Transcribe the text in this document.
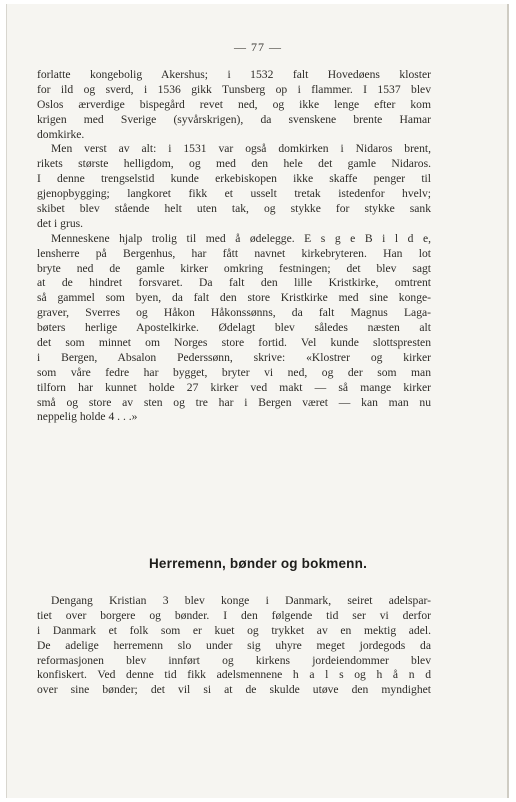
— 77 —
forlatte kongebolig Akershus; i 1532 falt Hovedøens kloster
for ild og sverd, i 1536 gikk Tunsberg op i flammer. I 1537 blev
Oslos ærverdige bispegård revet ned, og ikke lenge efter kom
krigen med Sverige (syvårskrigen), da svenskene brente Hamar
domkirke.
Men verst av alt: i 1531 var også domkirken i Nidaros brent,
rikets største helligdom, og med den hele det gamle Nidaros.
I denne trengselstid kunde erkebiskopen ikke skaffe penger til
gjenopbygging; langkoret fikk et usselt tretak istedenfor hvelv;
skibet blev stående helt uten tak, og stykke for stykke sank
det i grus.
Menneskene hjalp trolig til med å ødelegge. E s g e B i l d e,
lensherre på Bergenhus, har fått navnet kirkebryteren. Han lot
bryte ned de gamle kirker omkring festningen; det blev sagt
at de hindret forsvaret. Da falt den lille Kristkirke, omtrent
så gammel som byen, da falt den store Kristkirke med sine konge-
graver, Sverres og Håkon Håkonssønns, da falt Magnus Laga-
bøters herlige Apostelkirke. Ødelagt blev således næsten alt
det som minnet om Norges store fortid. Vel kunde slottspresten
i Bergen, Absalon Pederssønn, skrive: «Klostrer og kirker
som våre fedre har bygget, bryter vi ned, og der som man
tilforn har kunnet holde 27 kirker ved makt — så mange kirker
små og store av sten og tre har i Bergen været — kan man nu
neppelig holde 4 . . .»
Herremenn, bønder og bokmenn.
Dengang Kristian 3 blev konge i Danmark, seiret adelspar-
tiet over borgere og bønder. I den følgende tid ser vi derfor
i Danmark et folk som er kuet og trykket av en mektig adel.
De adelige herremenn slo under sig uhyre meget jordegods da
reformasjonen blev innført og kirkens jordeiendommer blev
konfiskert. Ved denne tid fikk adelsmennene h a l s og h å n d
over sine bønder; det vil si at de skulde utøve den myndighet
